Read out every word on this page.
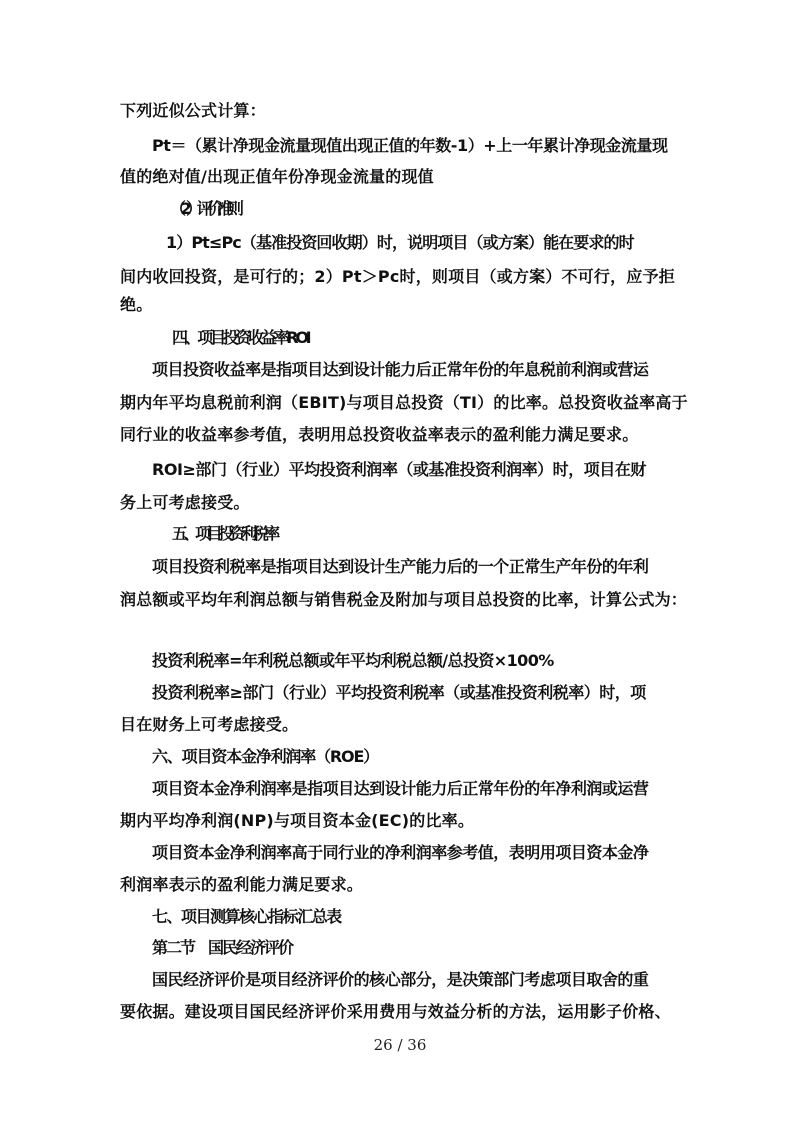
下列近似公式计算：
Pt＝（累计净现金流量现值出现正值的年数-1）+上一年累计净现金流量现
值的绝对值/出现正值年份净现金流量的现值
（2）评价准则
1）Pt≤Pc（基准投资回收期）时，说明项目（或方案）能在要求的时
间内收回投资，是可行的；2）Pt＞Pc时，则项目（或方案）不可行，应予拒
绝。
四、项目投资收益率ROI
项目投资收益率是指项目达到设计能力后正常年份的年息税前利润或营运
期内年平均息税前利润（EBIT)与项目总投资（TI）的比率。总投资收益率高于
同行业的收益率参考值，表明用总投资收益率表示的盈利能力满足要求。
ROI≥部门（行业）平均投资利润率（或基准投资利润率）时，项目在财
务上可考虑接受。
五、项目投资利税率
项目投资利税率是指项目达到设计生产能力后的一个正常生产年份的年利
润总额或平均年利润总额与销售税金及附加与项目总投资的比率，计算公式为：
投资利税率=年利税总额或年平均利税总额/总投资×100%
投资利税率≥部门（行业）平均投资利税率（或基准投资利税率）时，项
目在财务上可考虑接受。
六、项目资本金净利润率（ROE）
项目资本金净利润率是指项目达到设计能力后正常年份的年净利润或运营
期内平均净利润(NP)与项目资本金(EC)的比率。
项目资本金净利润率高于同行业的净利润率参考值，表明用项目资本金净
利润率表示的盈利能力满足要求。
七、项目测算核心指标汇总表
第二节　国民经济评价
国民经济评价是项目经济评价的核心部分，是决策部门考虑项目取舍的重
要依据。建设项目国民经济评价采用费用与效益分析的方法，运用影子价格、
26 / 36
